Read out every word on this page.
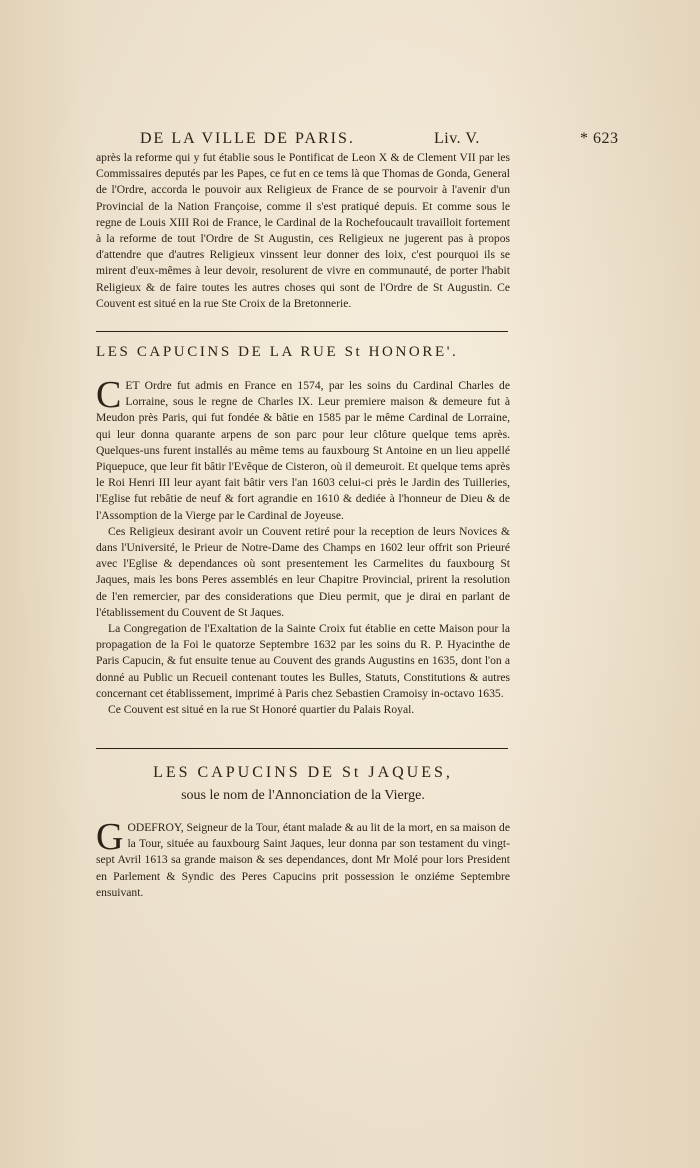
DE LA VILLE DE PARIS.	Liv. V.	* 623

après la reforme qui y fut établie sous le Pontificat de Leon X & de Clement VII par les Commissaires deputés par les Papes, ce fut en ce tems là que Thomas de Gonda, General de l'Ordre, accorda le pouvoir aux Religieux de France de se pourvoir à l'avenir d'un Provincial de la Nation Françoise, comme il s'est pratiqué depuis. Et comme sous le regne de Louis XIII Roi de France, le Cardinal de la Rochefoucault travailloit fortement à la reforme de tout l'Ordre de St Augustin, ces Religieux ne jugerent pas à propos d'attendre que d'autres Religieux vinssent leur donner des loix, c'est pourquoi ils se mirent d'eux-mêmes à leur devoir, resolurent de vivre en communauté, de porter l'habit Religieux & de faire toutes les autres choses qui sont de l'Ordre de St Augustin. Ce Couvent est situé en la rue Ste Croix de la Bretonnerie.

LES CAPUCINS DE LA RUE St HONORE'.
C ET Ordre fut admis en France en 1574, par les soins du Cardinal Charles de Lorraine, sous le regne de Charles IX. Leur premiere maison & demeure fut à Meudon près Paris, qui fut fondée & bâtie en 1585 par le même Cardinal de Lorraine, qui leur donna quarante arpens de son parc pour leur clôture quelque tems après. Quelques-uns furent installés au même tems au fauxbourg St Antoine en un lieu appellé Piquepuce, que leur fit bâtir l'Evêque de Cisteron, où il demeuroit. Et quelque tems après le Roi Henri III leur ayant fait bâtir vers l'an 1603 celui-ci près le Jardin des Tuilleries, l'Eglise fut rebâtie de neuf & fort agrandie en 1610 & dediée à l'honneur de Dieu & de l'Assomption de la Vierge par le Cardinal de Joyeuse.

Ces Religieux desirant avoir un Couvent retiré pour la reception de leurs Novices & dans l'Université, le Prieur de Notre-Dame des Champs en 1602 leur offrit son Prieuré avec l'Eglise & dependances où sont presentement les Carmelites du fauxbourg St Jaques, mais les bons Peres assemblés en leur Chapitre Provincial, prirent la resolution de l'en remercier, par des considerations que Dieu permit, que je dirai en parlant de l'établissement du Couvent de St Jaques.

La Congregation de l'Exaltation de la Sainte Croix fut établie en cette Maison pour la propagation de la Foi le quatorze Septembre 1632 par les soins du R. P. Hyacinthe de Paris Capucin, & fut ensuite tenue au Couvent des grands Augustins en 1635, dont l'on a donné au Public un Recueil contenant toutes les Bulles, Statuts, Constitutions & autres concernant cet établissement, imprimé à Paris chez Sebastien Cramoisy in-octavo 1635.

Ce Couvent est situé en la rue St Honoré quartier du Palais Royal.

LES CAPUCINS DE St JAQUES,
sous le nom de l'Annonciation de la Vierge.
G ODEFROY, Seigneur de la Tour, étant malade & au lit de la mort, en sa maison de la Tour, située au fauxbourg Saint Jaques, leur donna par son testament du vingt-sept Avril 1613 sa grande maison & ses dependances, dont Mr Molé pour lors President en Parlement & Syndic des Peres Capucins prit possession le onziéme Septembre ensuivant.
